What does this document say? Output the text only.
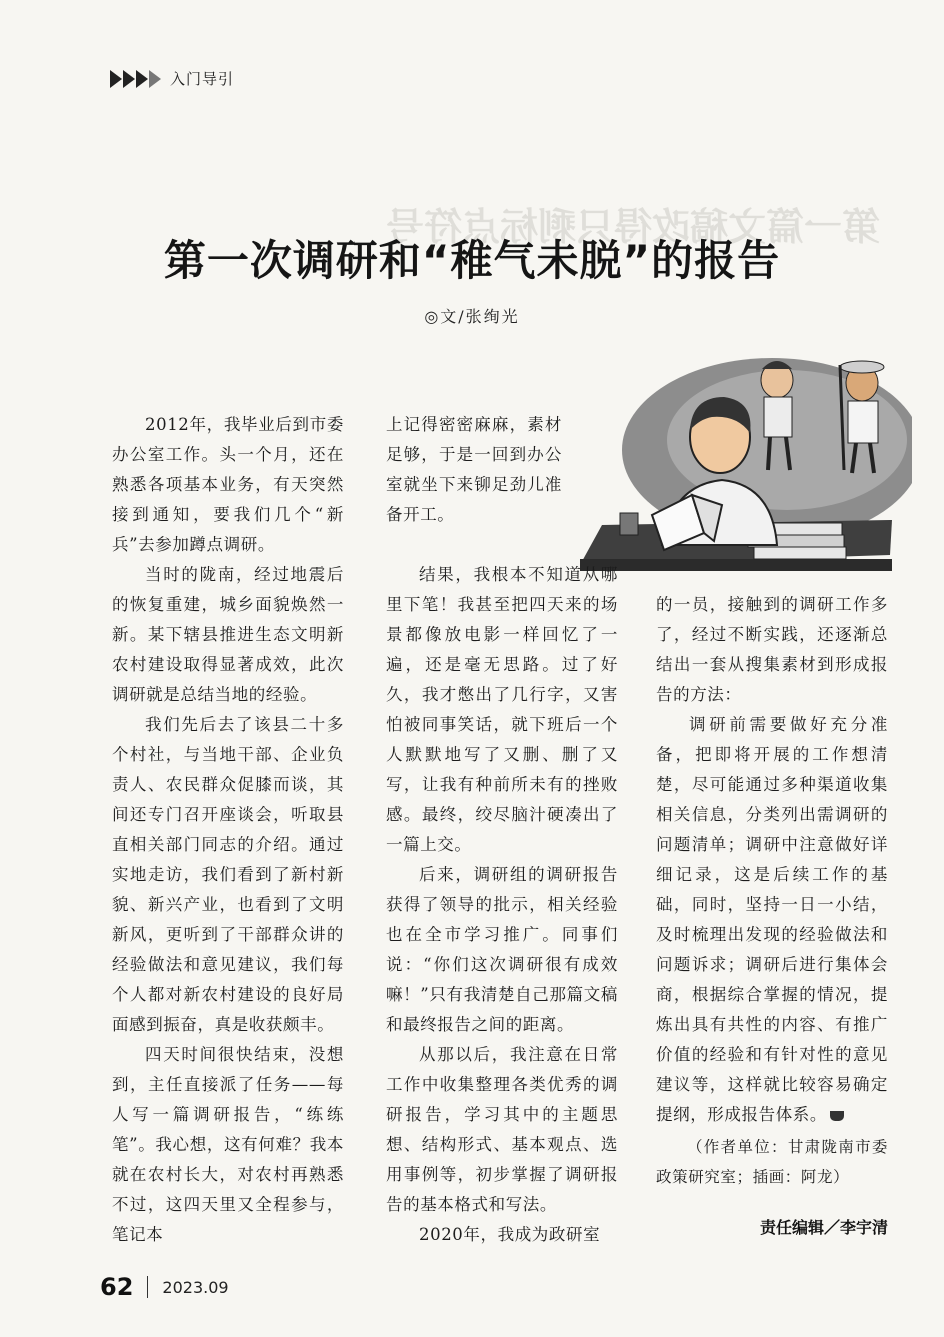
入门导引
第一篇文稿改得只剩标点符号
第一次调研和“稚气未脱”的报告
◎文/张绚光

2012年，我毕业后到市委办公室工作。头一个月，还在熟悉各项基本业务，有天突然接到通知，要我们几个“新兵”去参加蹲点调研。

当时的陇南，经过地震后的恢复重建，城乡面貌焕然一新。某下辖县推进生态文明新农村建设取得显著成效，此次调研就是总结当地的经验。

我们先后去了该县二十多个村社，与当地干部、企业负责人、农民群众促膝而谈，其间还专门召开座谈会，听取县直相关部门同志的介绍。通过实地走访，我们看到了新村新貌、新兴产业，也看到了文明新风，更听到了干部群众讲的经验做法和意见建议，我们每个人都对新农村建设的良好局面感到振奋，真是收获颇丰。

四天时间很快结束，没想到，主任直接派了任务——每人写一篇调研报告，“练练笔”。我心想，这有何难？我本就在农村长大，对农村再熟悉不过，这四天里又全程参与，笔记本

上记得密密麻麻，素材足够，于是一回到办公室就坐下来铆足劲儿准备开工。

结果，我根本不知道从哪里下笔！我甚至把四天来的场景都像放电影一样回忆了一遍，还是毫无思路。过了好久，我才憋出了几行字，又害怕被同事笑话，就下班后一个人默默地写了又删、删了又写，让我有种前所未有的挫败感。最终，绞尽脑汁硬凑出了一篇上交。

后来，调研组的调研报告获得了领导的批示，相关经验也在全市学习推广。同事们说：“你们这次调研很有成效嘛！”只有我清楚自己那篇文稿和最终报告之间的距离。

从那以后，我注意在日常工作中收集整理各类优秀的调研报告，学习其中的主题思想、结构形式、基本观点、选用事例等，初步掌握了调研报告的基本格式和写法。

2020年，我成为政研室

的一员，接触到的调研工作多了，经过不断实践，还逐渐总结出一套从搜集素材到形成报告的方法：

调研前需要做好充分准备，把即将开展的工作想清楚，尽可能通过多种渠道收集相关信息，分类列出需调研的问题清单；调研中注意做好详细记录，这是后续工作的基础，同时，坚持一日一小结，及时梳理出发现的经验做法和问题诉求；调研后进行集体会商，根据综合掌握的情况，提炼出具有共性的内容、有推广价值的经验和有针对性的意见建议等，这样就比较容易确定提纲，形成报告体系。

（作者单位：甘肃陇南市委政策研究室；插画：阿龙）

责任编辑／李宇清
62 2023.09
